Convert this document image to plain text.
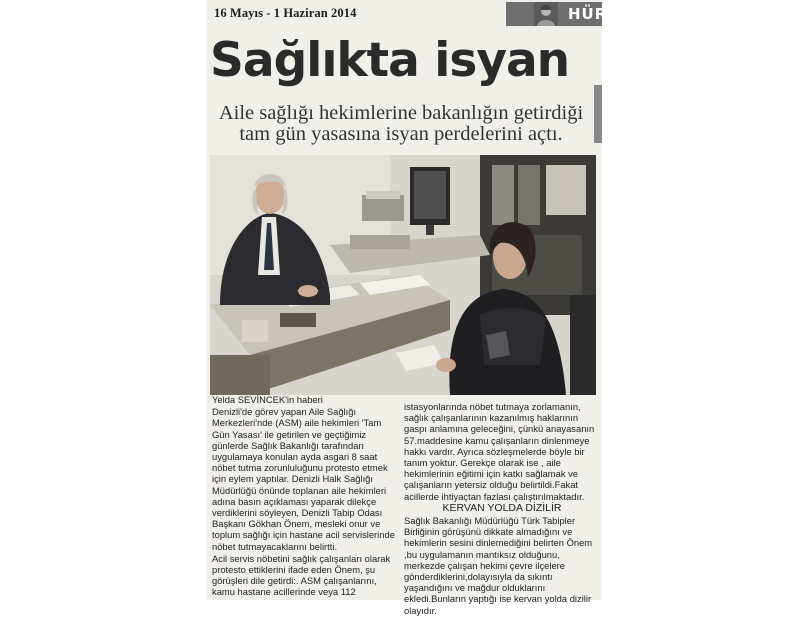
16 Mayıs - 1 Haziran 2014	HÜRB
Sağlıkta isyan
Aile sağlığı hekimlerine bakanlığın getirdiği
tam gün yasasına isyan perdelerini açtı.

Yelda SEVİNCEK'in haberi

Denizli'de görev yapan Aile Sağlığı Merkezleri'nde (ASM) aile hekimleri 'Tam Gün Yasası' ile getirilen ve geçtiğimiz günlerde Sağlık Bakanlığı tarafından uygulamaya konulan ayda asgari 8 saat nöbet tutma zorunluluğunu protesto etmek için eylem yaptılar. Denizli Halk Sağlığı Müdürlüğü önünde toplanan aile hekimleri adına basın açıklaması yaparak dilekçe verdiklerini söyleyen, Denizli Tabip Odası Başkanı Gökhan Önem, mesleki onur ve toplum sağlığı için hastane acil servislerinde nöbet tutmayacaklarını belirtti.

Acil servis nöbetini sağlık çalışanları olarak protesto ettiklerini ifade eden Önem, şu görüşleri dile getirdi:. ASM çalışanlarını, kamu hastane acillerinde veya 112

istasyonlarında nöbet tutmaya zorlamanın, sağlık çalışanlarının kazanılmış haklarının gaspı anlamına geleceğini, çünkü anayasanın 57.maddesine kamu çalışanların dinlenmeye hakkı vardır. Ayrıca sözleşmelerde böyle bir tanım yoktur. Gerekçe olarak ise , aile hekimlerinin eğitimi için katkı sağlamak ve çalışanların yetersiz olduğu belirtildi.Fakat acillerde ihtiyaçtan fazlası çalıştırılmaktadır.

KERVAN YOLDA DİZİLİR

Sağlık Bakanlığı Müdürlüğü Türk Tabipler Birliğinin görüşünü dikkate almadığını ve hekimlerin sesini dinlemediğini belirten Önem ,bu uygulamanın mantıksız olduğunu, merkezde çalışan hekimi çevre ilçelere gönderdiklerini,dolayısıyla da sıkıntı yaşandığını ve mağdur olduklarını ekledi.Bunların yaptığı ise kervan yolda dizilir olayıdır.
